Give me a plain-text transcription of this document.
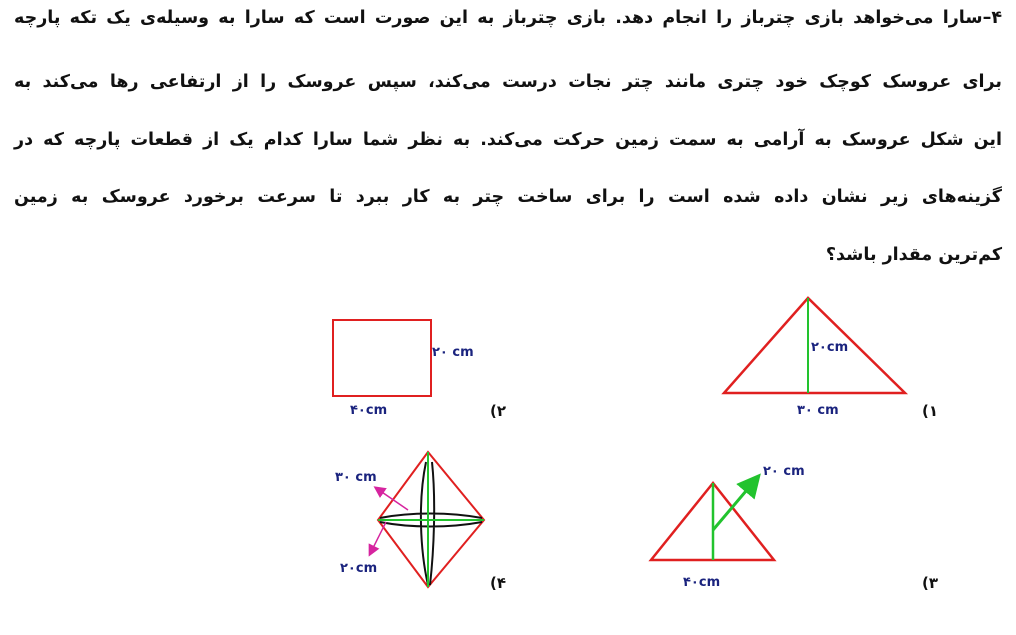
۴–سارا می‌خواهد بازی چترباز را انجام دهد. بازی چترباز به این صورت است که سارا به وسیله‌ی یک تکه پارچه
برای عروسک کوچک خود چتری مانند چتر نجات درست می‌کند، سپس عروسک را از ارتفاعی رها می‌کند به
این شکل عروسک به آرامی به سمت زمین حرکت می‌کند. به نظر شما سارا کدام یک از قطعات پارچه که در
گزینه‌های زیر نشان داده شده است را برای ساخت چتر به کار ببرد تا سرعت برخورد عروسک به زمین
کم‌ترین مقدار باشد؟
۲۰ cm
۴۰cm	(۲
۲۰cm
۳۰ cm	(۱
۳۰ cm
۲۰cm
(۴
۲۰ cm
۴۰cm	(۳
